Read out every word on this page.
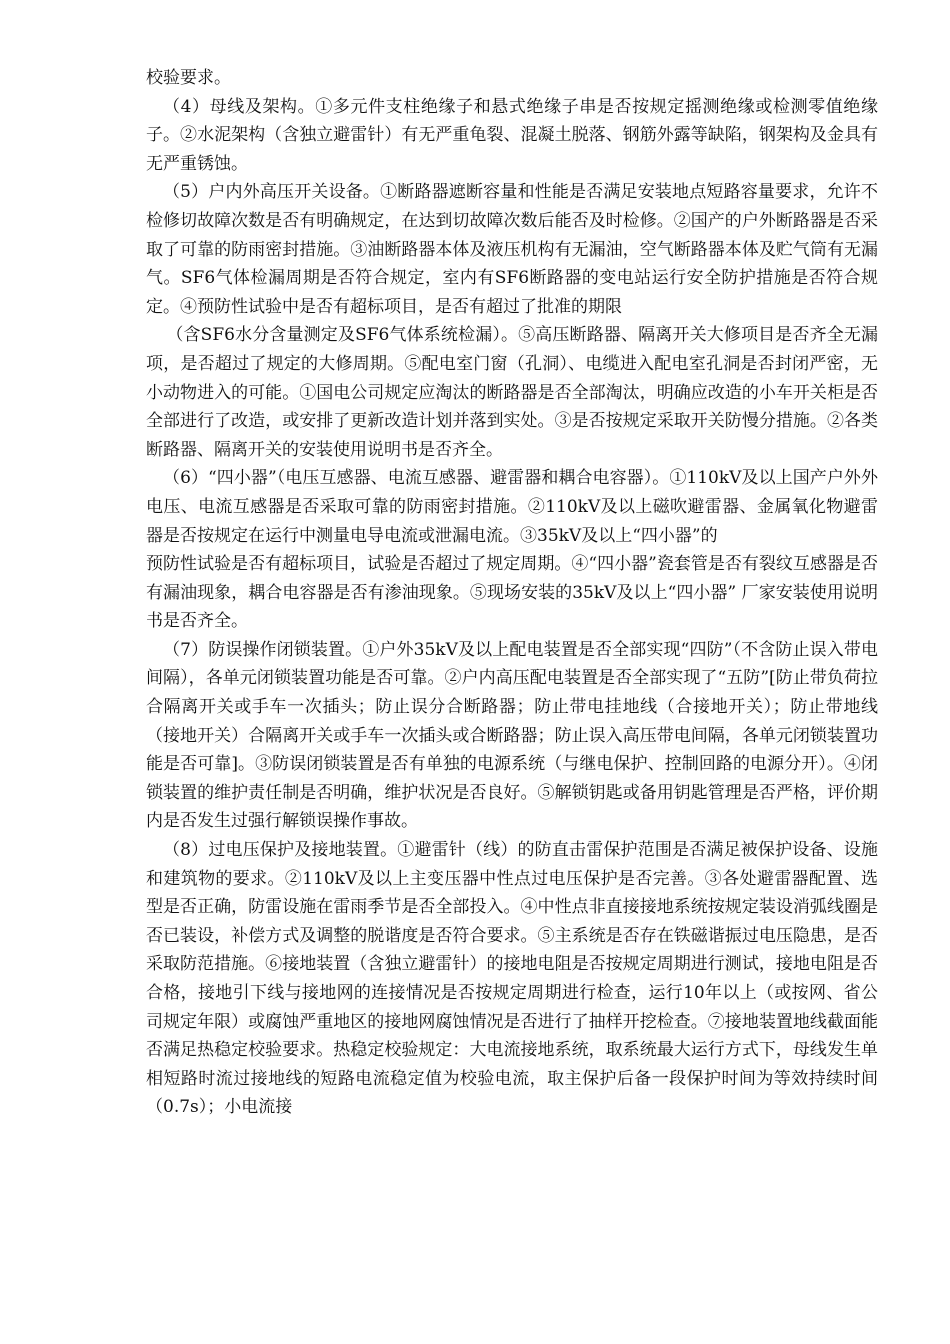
校验要求。

（4）母线及架构。①多元件支柱绝缘子和悬式绝缘子串是否按规定摇测绝缘或检测零值绝缘子。②水泥架构（含独立避雷针）有无严重龟裂、混凝土脱落、钢筋外露等缺陷，钢架构及金具有无严重锈蚀。

（5）户内外高压开关设备。①断路器遮断容量和性能是否满足安装地点短路容量要求，允许不检修切故障次数是否有明确规定，在达到切故障次数后能否及时检修。②国产的户外断路器是否采取了可靠的防雨密封措施。③油断路器本体及液压机构有无漏油，空气断路器本体及贮气筒有无漏气。SF6气体检漏周期是否符合规定，室内有SF6断路器的变电站运行安全防护措施是否符合规定。④预防性试验中是否有超标项目，是否有超过了批准的期限

（含SF6水分含量测定及SF6气体系统检漏）。⑤高压断路器、隔离开关大修项目是否齐全无漏项，是否超过了规定的大修周期。⑤配电室门窗（孔洞）、电缆进入配电室孔洞是否封闭严密，无小动物进入的可能。①国电公司规定应淘汰的断路器是否全部淘汰，明确应改造的小车开关柜是否全部进行了改造，或安排了更新改造计划并落到实处。③是否按规定采取开关防慢分措施。②各类断路器、隔离开关的安装使用说明书是否齐全。

（6）“四小器”（电压互感器、电流互感器、避雷器和耦合电容器）。①110kV及以上国产户外外电压、电流互感器是否采取可靠的防雨密封措施。②110kV及以上磁吹避雷器、金属氧化物避雷器是否按规定在运行中测量电导电流或泄漏电流。③35kV及以上“四小器”的

预防性试验是否有超标项目，试验是否超过了规定周期。④“四小器”瓷套管是否有裂纹互感器是否有漏油现象，耦合电容器是否有渗油现象。⑤现场安装的35kV及以上“四小器” 厂家安装使用说明书是否齐全。

（7）防误操作闭锁装置。①户外35kV及以上配电装置是否全部实现“四防”（不含防止误入带电间隔），各单元闭锁装置功能是否可靠。②户内高压配电装置是否全部实现了“五防”[防止带负荷拉合隔离开关或手车一次插头；防止误分合断路器；防止带电挂地线（合接地开关）；防止带地线（接地开关）合隔离开关或手车一次插头或合断路器；防止误入高压带电间隔，各单元闭锁装置功能是否可靠]。③防误闭锁装置是否有单独的电源系统（与继电保护、控制回路的电源分开）。④闭锁装置的维护责任制是否明确，维护状况是否良好。⑤解锁钥匙或备用钥匙管理是否严格，评价期内是否发生过强行解锁误操作事故。

（8）过电压保护及接地装置。①避雷针（线）的防直击雷保护范围是否满足被保护设备、设施和建筑物的要求。②110kV及以上主变压器中性点过电压保护是否完善。③各处避雷器配置、选型是否正确，防雷设施在雷雨季节是否全部投入。④中性点非直接接地系统按规定装设消弧线圈是否已装设，补偿方式及调整的脱谐度是否符合要求。⑤主系统是否存在铁磁谐振过电压隐患，是否采取防范措施。⑥接地装置（含独立避雷针）的接地电阻是否按规定周期进行测试，接地电阻是否合格，接地引下线与接地网的连接情况是否按规定周期进行检查，运行10年以上（或按网、省公司规定年限）或腐蚀严重地区的接地网腐蚀情况是否进行了抽样开挖检查。⑦接地装置地线截面能否满足热稳定校验要求。热稳定校验规定：大电流接地系统，取系统最大运行方式下，母线发生单相短路时流过接地线的短路电流稳定值为校验电流，取主保护后备一段保护时间为等效持续时间（0.7s）；小电流接
